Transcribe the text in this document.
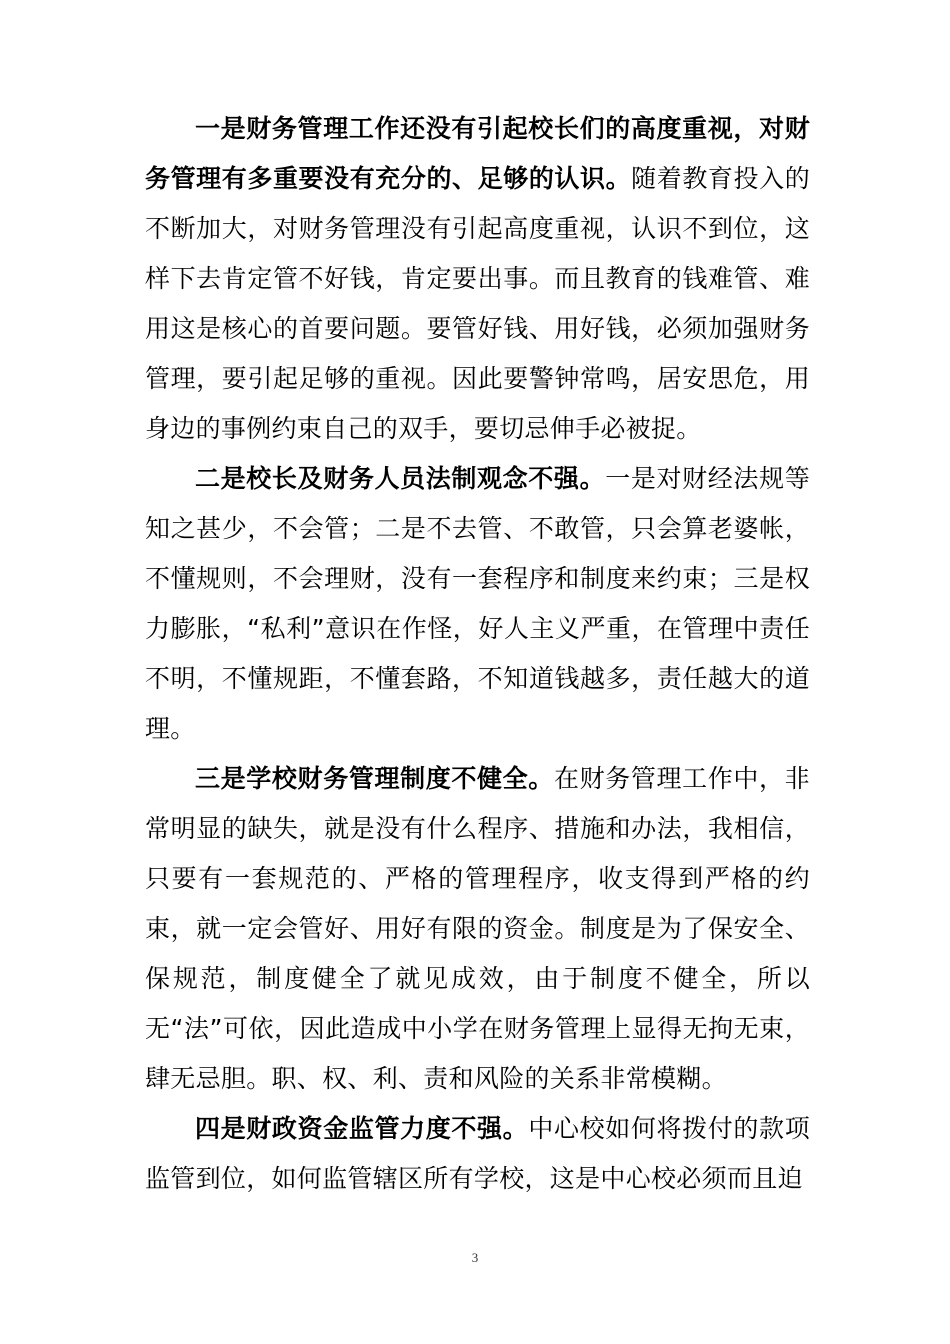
一是财务管理工作还没有引起校长们的高度重视，对财务管理有多重要没有充分的、足够的认识。随着教育投入的不断加大，对财务管理没有引起高度重视，认识不到位，这样下去肯定管不好钱，肯定要出事。而且教育的钱难管、难用这是核心的首要问题。要管好钱、用好钱，必须加强财务管理，要引起足够的重视。因此要警钟常鸣，居安思危，用身边的事例约束自己的双手，要切忌伸手必被捉。

二是校长及财务人员法制观念不强。一是对财经法规等知之甚少，不会管；二是不去管、不敢管，只会算老婆帐，不懂规则，不会理财，没有一套程序和制度来约束；三是权力膨胀，“私利”意识在作怪，好人主义严重，在管理中责任不明，不懂规距，不懂套路，不知道钱越多，责任越大的道理。

三是学校财务管理制度不健全。在财务管理工作中，非常明显的缺失，就是没有什么程序、措施和办法，我相信，只要有一套规范的、严格的管理程序，收支得到严格的约束，就一定会管好、用好有限的资金。制度是为了保安全、保规范，制度健全了就见成效，由于制度不健全，所以无“法”可依，因此造成中小学在财务管理上显得无拘无束，肆无忌胆。职、权、利、责和风险的关系非常模糊。

四是财政资金监管力度不强。中心校如何将拨付的款项监管到位，如何监管辖区所有学校，这是中心校必须而且迫

3
